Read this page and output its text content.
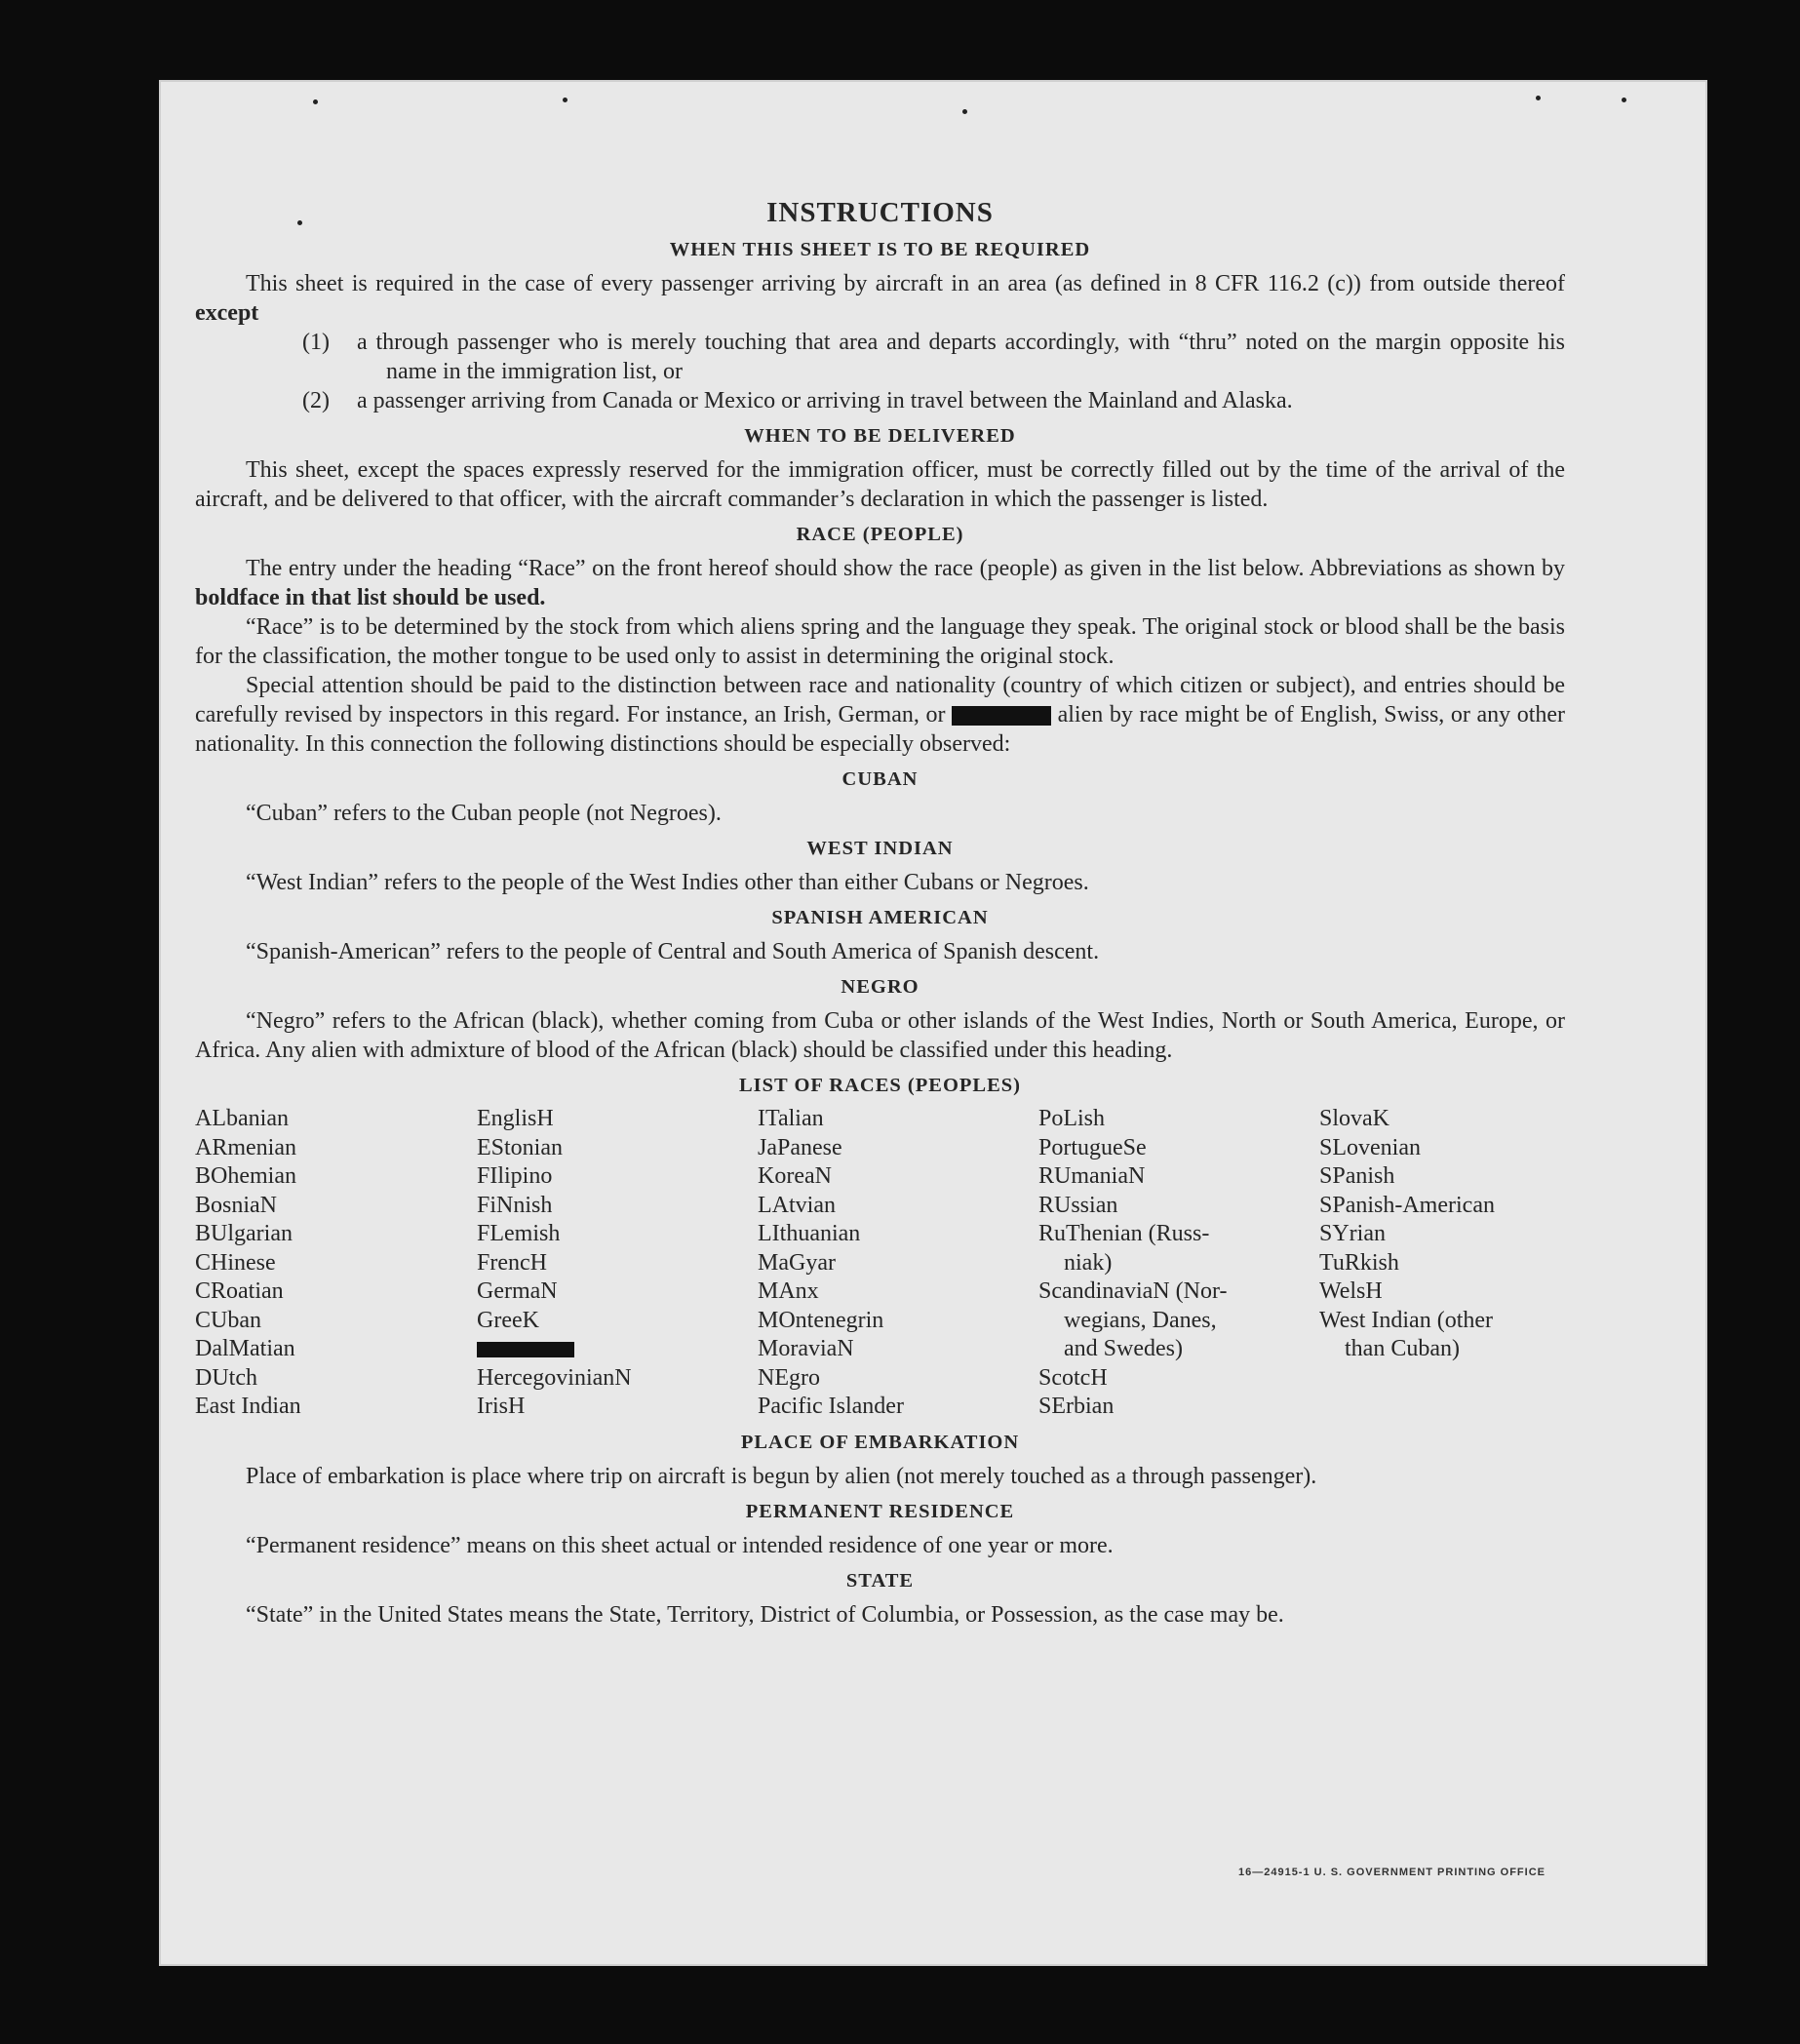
INSTRUCTIONS
WHEN THIS SHEET IS TO BE REQUIRED

This sheet is required in the case of every passenger arriving by aircraft in an area (as defined in 8 CFR 116.2 (c)) from outside thereof except

(1) a through passenger who is merely touching that area and departs accordingly, with “thru” noted on the margin opposite his name in the immigration list, or

(2) a passenger arriving from Canada or Mexico or arriving in travel between the Mainland and Alaska.

WHEN TO BE DELIVERED

This sheet, except the spaces expressly reserved for the immigration officer, must be correctly filled out by the time of the arrival of the aircraft, and be delivered to that officer, with the aircraft commander’s declaration in which the passenger is listed.

RACE (PEOPLE)

The entry under the heading “Race” on the front hereof should show the race (people) as given in the list below. Abbreviations as shown by boldface in that list should be used.

“Race” is to be determined by the stock from which aliens spring and the language they speak. The original stock or blood shall be the basis for the classification, the mother tongue to be used only to assist in determining the original stock.

Special attention should be paid to the distinction between race and nationality (country of which citizen or subject), and entries should be carefully revised by inspectors in this regard. For instance, an Irish, German, or	alien by race might be of English, Swiss, or any other nationality. In this connection the following distinctions should be especially observed:

CUBAN

“Cuban” refers to the Cuban people (not Negroes).

WEST INDIAN

“West Indian” refers to the people of the West Indies other than either Cubans or Negroes.

SPANISH AMERICAN

“Spanish-American” refers to the people of Central and South America of Spanish descent.

NEGRO

“Negro” refers to the African (black), whether coming from Cuba or other islands of the West Indies, North or South America, Europe, or Africa. Any alien with admixture of blood of the African (black) should be classified under this heading.

LIST OF RACES (PEOPLES)
ALbanian
ARmenian
BOhemian
BosniaN
BUlgarian
CHinese
CRoatian
CUban
DalMatian
DUtch
East Indian
EnglisH
EStonian
FIlipino
FiNnish
FLemish
FrencH
GermaN
GreeK
HercegovinianN
IrisH
ITalian
JaPanese
KoreaN
LAtvian
LIthuanian
MaGyar
MAnx
MOntenegrin
MoraviaN
NEgro
Pacific Islander
PoLish
PortugueSe
RUmaniaN
RUssian
RuThenian (Russ-
niak)
ScandinaviaN (Nor-
wegians, Danes,
and Swedes)
ScotcH
SErbian
SlovaK
SLovenian
SPanish
SPanish-American
SYrian
TuRkish
WelsH
West Indian (other
than Cuban)
PLACE OF EMBARKATION

Place of embarkation is place where trip on aircraft is begun by alien (not merely touched as a through passenger).

PERMANENT RESIDENCE

“Permanent residence” means on this sheet actual or intended residence of one year or more.

STATE

“State” in the United States means the State, Territory, District of Columbia, or Possession, as the case may be.

16—24915-1 U. S. GOVERNMENT PRINTING OFFICE
